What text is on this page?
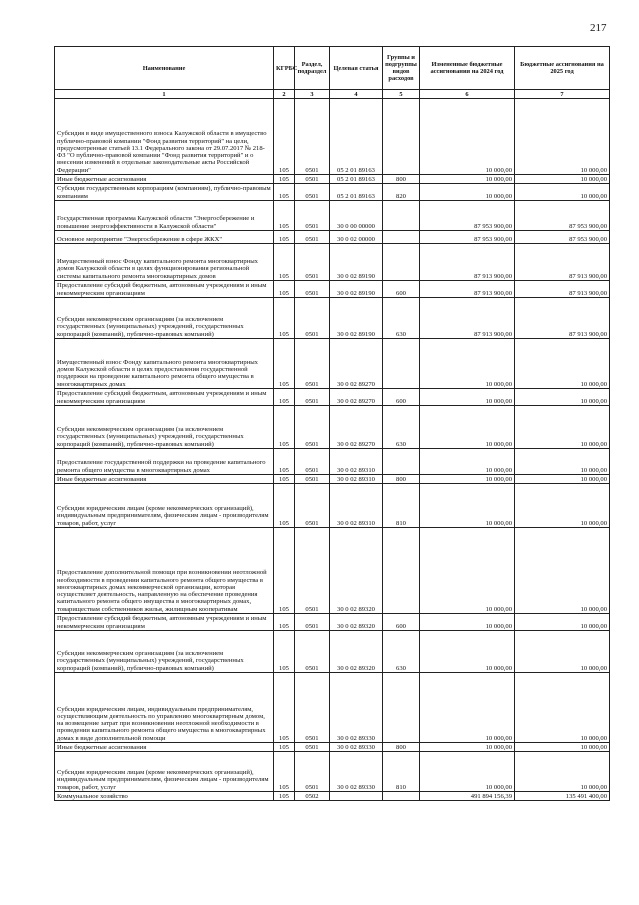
217
Наименование	КГРБС	Раздел, подраздел	Целевая статья	Группы и подгруппы видов расходов	Измененные бюджетные ассигнования на 2024 год	Бюджетные ассигнования на 2025 год
1	2	3	4	5	6	7
Субсидия в виде имущественного взноса Калужской области в имущество публично-правовой компании "Фонд развития территорий" на цели, предусмотренные статьей 13.1 Федерального закона от 29.07.2017 № 218-ФЗ "О публично-правовой компании "Фонд развития территорий" и о внесении изменений в отдельные законодательные акты Российской Федерации"	105	0501	05 2 01 89163		10 000,00	10 000,00
Иные бюджетные ассигнования	105	0501	05 2 01 89163	800	10 000,00	10 000,00
Субсидии государственным корпорациям (компаниям), публично-правовым компаниям	105	0501	05 2 01 89163	820	10 000,00	10 000,00
Государственная программа Калужской области "Энергосбережение и повышение энергоэффективности в Калужской области"	105	0501	30 0 00 00000		87 953 900,00	87 953 900,00
Основное мероприятие "Энергосбережение в сфере ЖКХ"	105	0501	30 0 02 00000		87 953 900,00	87 953 900,00
Имущественный взнос Фонду капитального ремонта многоквартирных домов Калужской области в целях функционирования региональной системы капитального ремонта многоквартирных домов	105	0501	30 0 02 89190		87 913 900,00	87 913 900,00
Предоставление субсидий бюджетным, автономным учреждениям и иным некоммерческим организациям	105	0501	30 0 02 89190	600	87 913 900,00	87 913 900,00
Субсидии некоммерческим организациям (за исключением государственных (муниципальных) учреждений, государственных корпораций (компаний), публично-правовых компаний)	105	0501	30 0 02 89190	630	87 913 900,00	87 913 900,00
Имущественный взнос Фонду капитального ремонта многоквартирных домов Калужской области в целях предоставления государственной поддержки на проведение капитального ремонта общего имущества в многоквартирных домах	105	0501	30 0 02 89270		10 000,00	10 000,00
Предоставление субсидий бюджетным, автономным учреждениям и иным некоммерческим организациям	105	0501	30 0 02 89270	600	10 000,00	10 000,00
Субсидии некоммерческим организациям (за исключением государственных (муниципальных) учреждений, государственных корпораций (компаний), публично-правовых компаний)	105	0501	30 0 02 89270	630	10 000,00	10 000,00
Предоставление государственной поддержки на проведение капитального ремонта общего имущества в многоквартирных домах	105	0501	30 0 02 89310		10 000,00	10 000,00
Иные бюджетные ассигнования	105	0501	30 0 02 89310	800	10 000,00	10 000,00
Субсидии юридическим лицам (кроме некоммерческих организаций), индивидуальным предпринимателям, физическим лицам - производителям товаров, работ, услуг	105	0501	30 0 02 89310	810	10 000,00	10 000,00
Предоставление дополнительной помощи при возникновении неотложной необходимости в проведении капитального ремонта общего имущества в многоквартирных домах некоммерческой организации, которая осуществляет деятельность, направленную на обеспечение проведения капитального ремонта общего имущества в многоквартирных домах, товариществам собственников жилья, жилищным кооперативам	105	0501	30 0 02 89320		10 000,00	10 000,00
Предоставление субсидий бюджетным, автономным учреждениям и иным некоммерческим организациям	105	0501	30 0 02 89320	600	10 000,00	10 000,00
Субсидии некоммерческим организациям (за исключением государственных (муниципальных) учреждений, государственных корпораций (компаний), публично-правовых компаний)	105	0501	30 0 02 89320	630	10 000,00	10 000,00
Субсидии юридическим лицам, индивидуальным предпринимателям, осуществляющим деятельность по управлению многоквартирным домом, на возмещение затрат при возникновении неотложной необходимости в проведении капитального ремонта общего имущества в многоквартирных домах в виде дополнительной помощи	105	0501	30 0 02 89330		10 000,00	10 000,00
Иные бюджетные ассигнования	105	0501	30 0 02 89330	800	10 000,00	10 000,00
Субсидии юридическим лицам (кроме некоммерческих организаций), индивидуальным предпринимателям, физическим лицам - производителям товаров, работ, услуг	105	0501	30 0 02 89330	810	10 000,00	10 000,00
Коммунальное хозяйство	105	0502			491 894 156,39	135 491 400,00
